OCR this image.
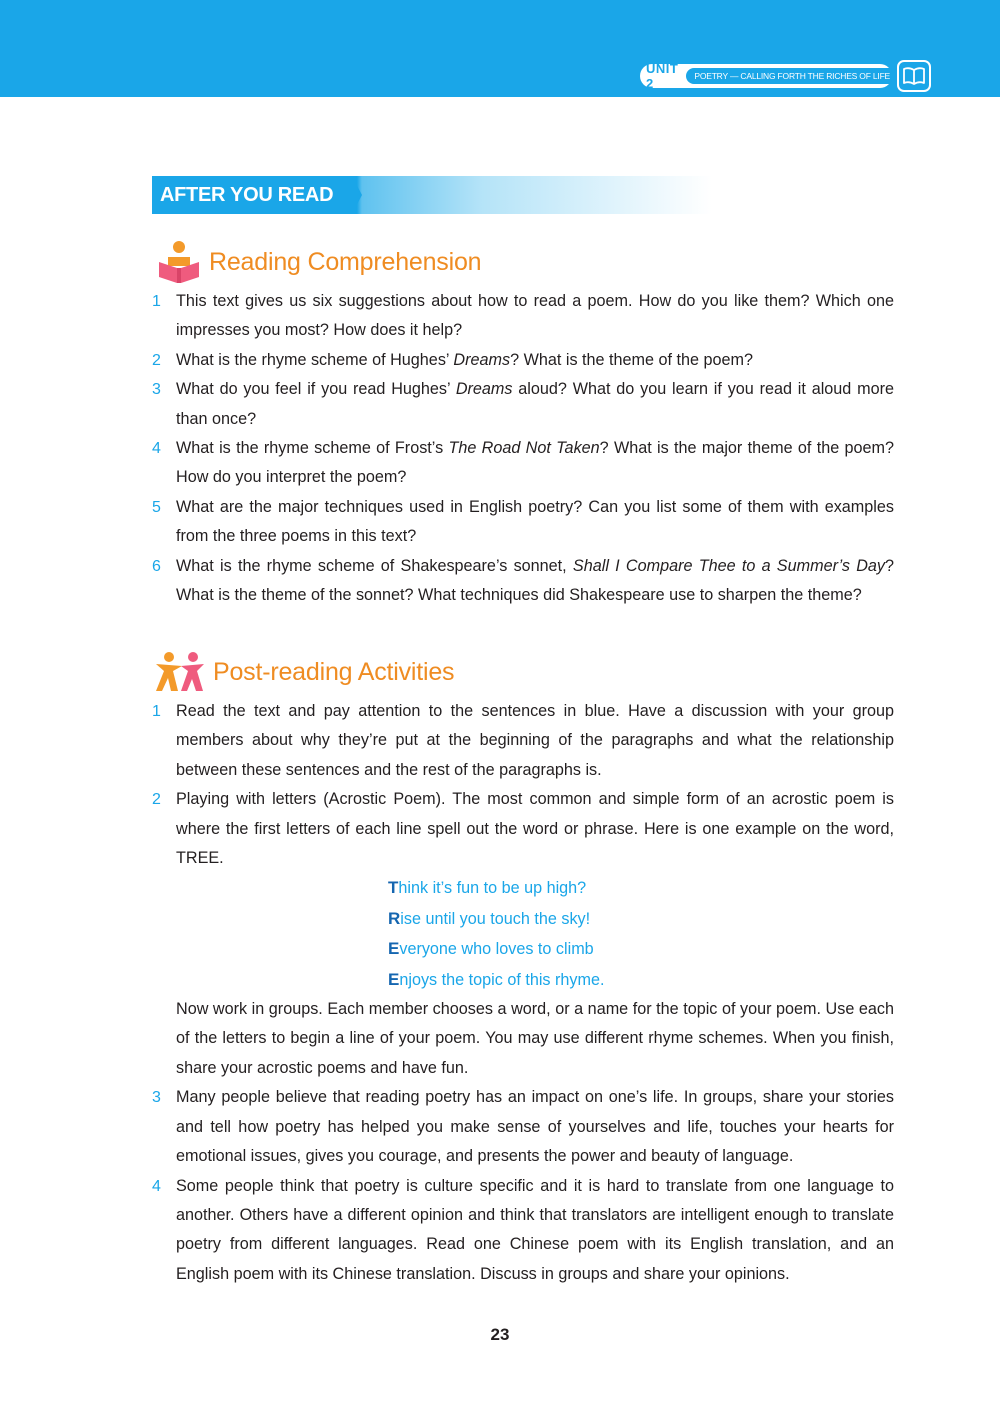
UNIT 2	POETRY — CALLING FORTH THE RICHES OF LIFE
AFTER YOU READ
Reading Comprehension
1 This text gives us six suggestions about how to read a poem. How do you like them? Which one impresses you most? How does it help?
2 What is the rhyme scheme of Hughes’ Dreams? What is the theme of the poem?
3 What do you feel if you read Hughes’ Dreams aloud? What do you learn if you read it aloud more than once?
4 What is the rhyme scheme of Frost’s The Road Not Taken? What is the major theme of the poem? How do you interpret the poem?
5 What are the major techniques used in English poetry? Can you list some of them with examples from the three poems in this text?
6 What is the rhyme scheme of Shakespeare’s sonnet, Shall I Compare Thee to a Summer’s Day? What is the theme of the sonnet? What techniques did Shakespeare use to sharpen the theme?
Post-reading Activities
1 Read the text and pay attention to the sentences in blue. Have a discussion with your group members about why they’re put at the beginning of the paragraphs and what the relationship between these sentences and the rest of the paragraphs is.
2 Playing with letters (Acrostic Poem). The most common and simple form of an acrostic poem is where the first letters of each line spell out the word or phrase. Here is one example on the word, TREE.
Think it’s fun to be up high?
Rise until you touch the sky!
Everyone who loves to climb
Enjoys the topic of this rhyme.
Now work in groups. Each member chooses a word, or a name for the topic of your poem. Use each of the letters to begin a line of your poem. You may use different rhyme schemes. When you finish, share your acrostic poems and have fun.
3 Many people believe that reading poetry has an impact on one’s life. In groups, share your stories and tell how poetry has helped you make sense of yourselves and life, touches your hearts for emotional issues, gives you courage, and presents the power and beauty of language.
4 Some people think that poetry is culture specific and it is hard to translate from one language to another. Others have a different opinion and think that translators are intelligent enough to translate poetry from different languages. Read one Chinese poem with its English translation, and an English poem with its Chinese translation. Discuss in groups and share your opinions.
23
